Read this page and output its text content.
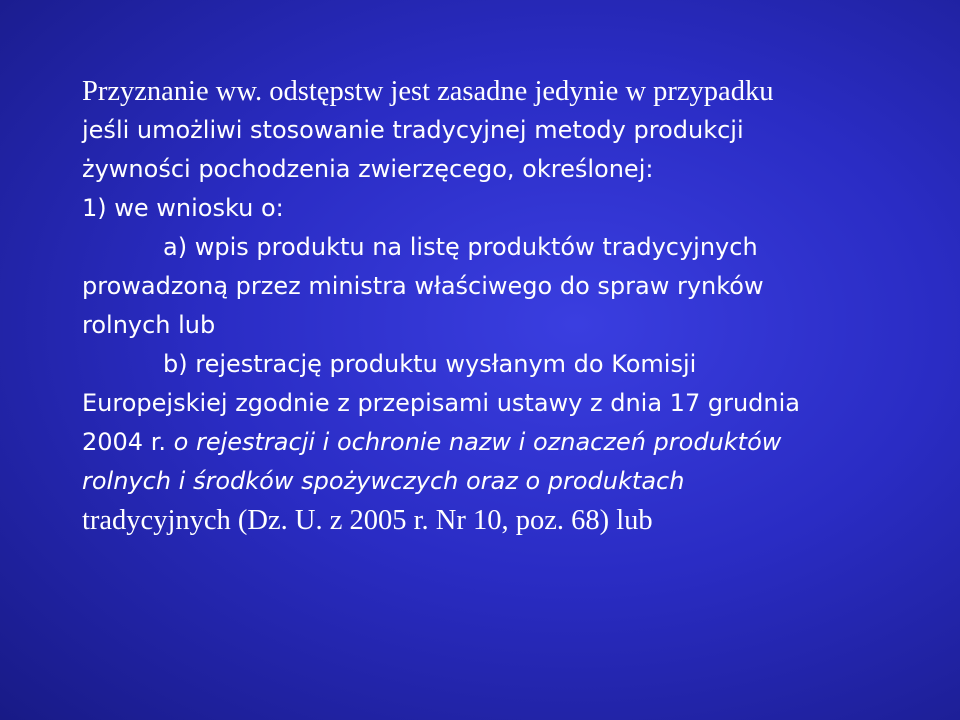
Przyznanie ww. odstępstw jest zasadne jedynie w przypadku
jeśli umożliwi stosowanie tradycyjnej metody produkcji
żywności pochodzenia zwierzęcego, określonej:
1) we wniosku o:
a) wpis produktu na listę produktów tradycyjnych
prowadzoną przez ministra właściwego do spraw rynków
rolnych lub
b) rejestrację produktu wysłanym do Komisji
Europejskiej zgodnie z przepisami ustawy z dnia 17 grudnia
2004 r. o rejestracji i ochronie nazw i oznaczeń produktów
rolnych i środków spożywczych oraz o produktach
tradycyjnych (Dz. U. z 2005 r. Nr 10, poz. 68) lub
